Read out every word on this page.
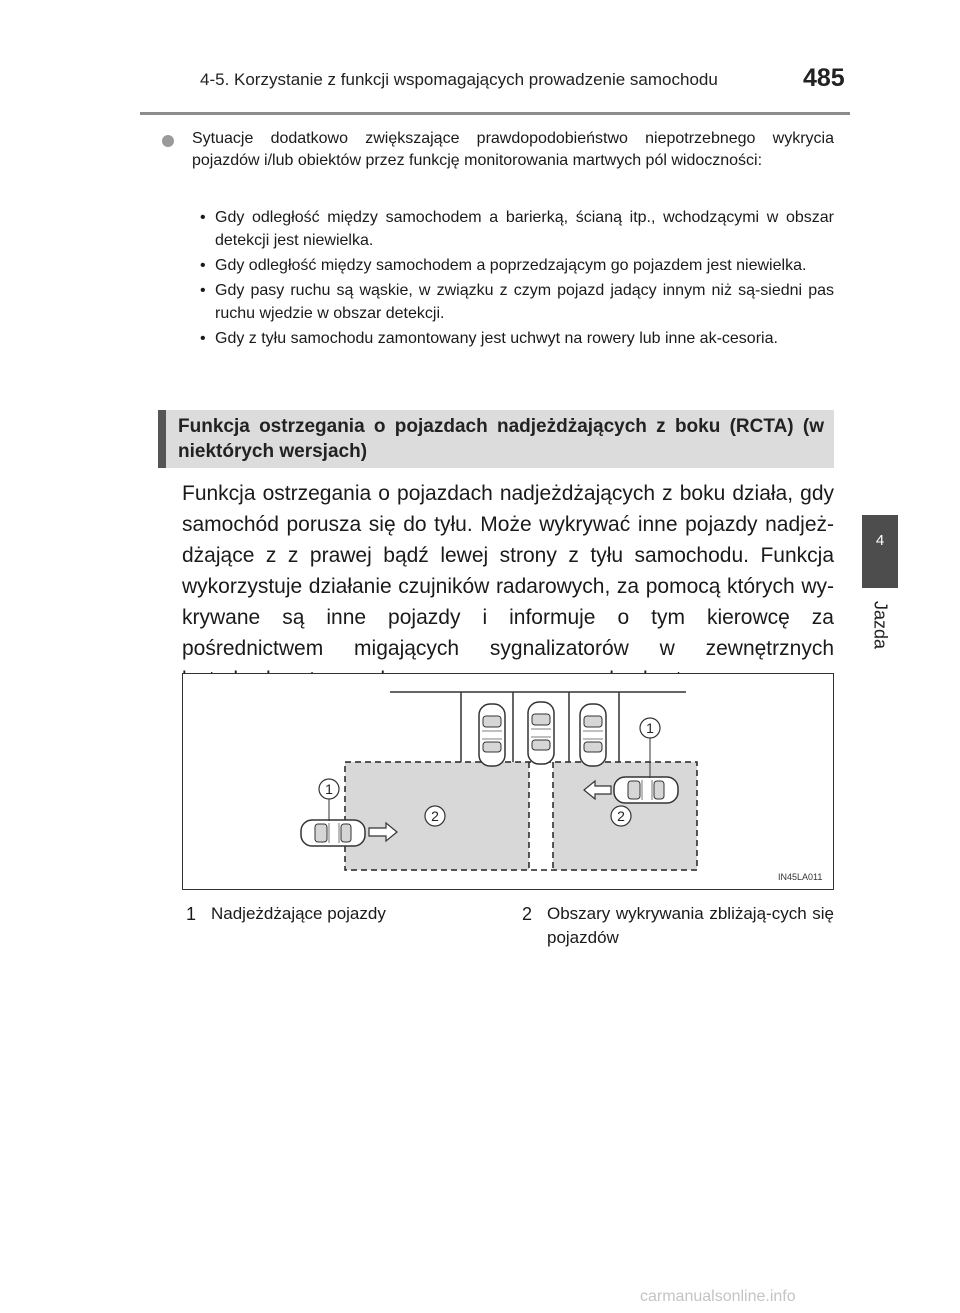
4-5. Korzystanie z funkcji wspomagających prowadzenie samochodu	485
4
Jazda
Sytuacje dodatkowo zwiększające prawdopodobieństwo niepotrzebnego wykrycia pojazdów i/lub obiektów przez funkcję monitorowania martwych pól widoczności:
• Gdy odległość między samochodem a barierką, ścianą itp., wchodzącymi w obszar detekcji jest niewielka.
• Gdy odległość między samochodem a poprzedzającym go pojazdem jest niewielka.
• Gdy pasy ruchu są wąskie, w związku z czym pojazd jadący innym niż są-siedni pas ruchu wjedzie w obszar detekcji.
• Gdy z tyłu samochodu zamontowany jest uchwyt na rowery lub inne ak-cesoria.
Funkcja ostrzegania o pojazdach nadjeżdżających z boku (RCTA) (w niektórych wersjach)
Funkcja ostrzegania o pojazdach nadjeżdżających z boku działa, gdy samochód porusza się do tyłu. Może wykrywać inne pojazdy nadjeż-dżające z z prawej bądź lewej strony z tyłu samochodu. Funkcja wykorzystuje działanie czujników radarowych, za pomocą których wy-krywane są inne pojazdy i informuje o tym kierowcę za pośrednictwem migających sygnalizatorów w zewnętrznych
1
1
2	2
IN45LA011
1 Nadjeżdżające pojazdy	2 Obszary wykrywania zbliżają-cych się pojazdów
carmanualsonline.info
